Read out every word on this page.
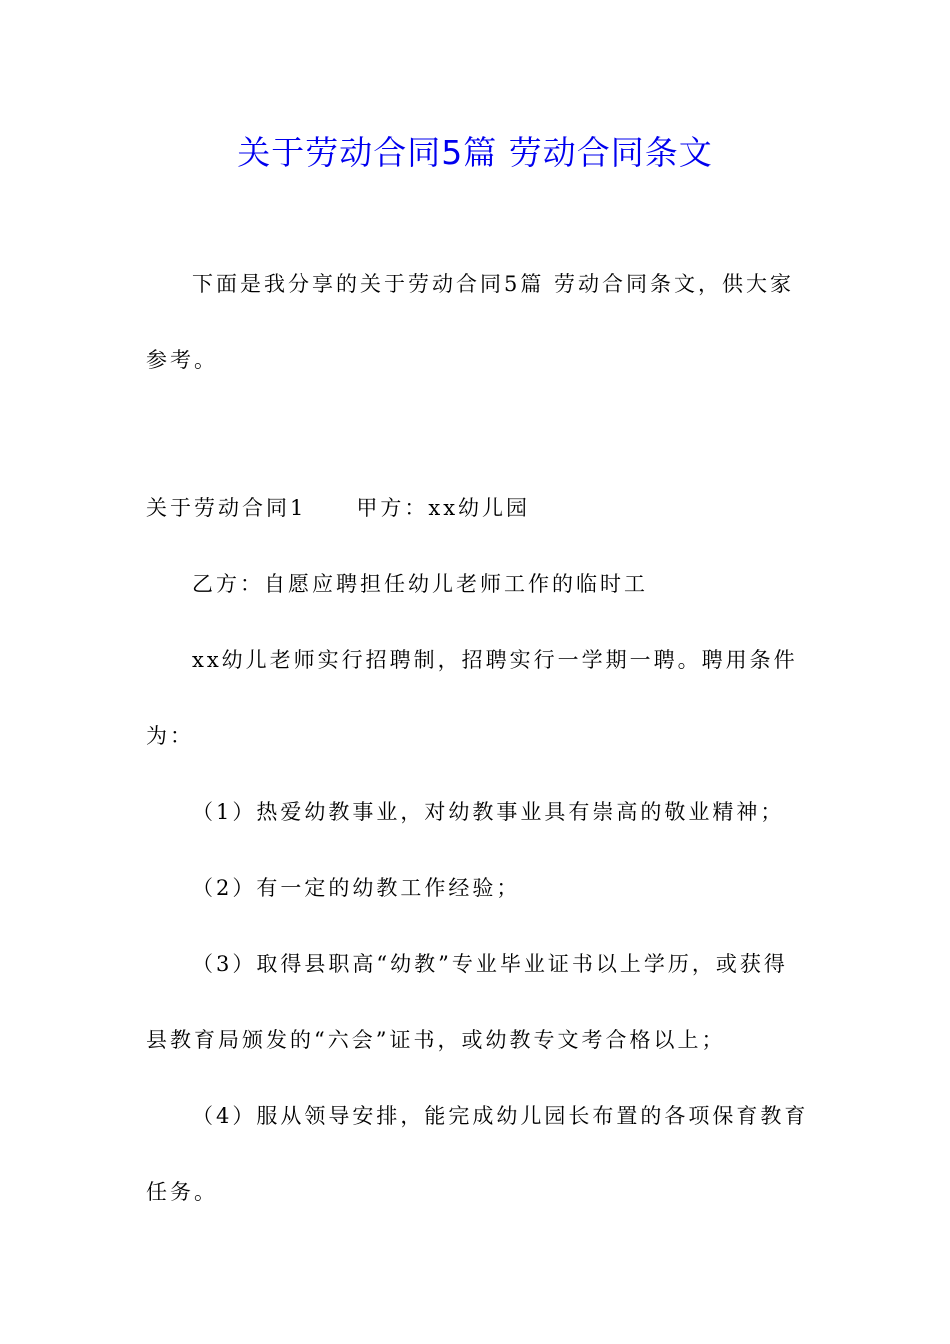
关于劳动合同5篇 劳动合同条文
下面是我分享的关于劳动合同5篇 劳动合同条文，供大家
参考。
关于劳动合同1 甲方：xx幼儿园
乙方：自愿应聘担任幼儿老师工作的临时工
xx幼儿老师实行招聘制，招聘实行一学期一聘。聘用条件
为：
（1）热爱幼教事业，对幼教事业具有崇高的敬业精神；
（2）有一定的幼教工作经验；
（3）取得县职高“幼教”专业毕业证书以上学历，或获得
县教育局颁发的“六会”证书，或幼教专文考合格以上；
（4）服从领导安排，能完成幼儿园长布置的各项保育教育
任务。
